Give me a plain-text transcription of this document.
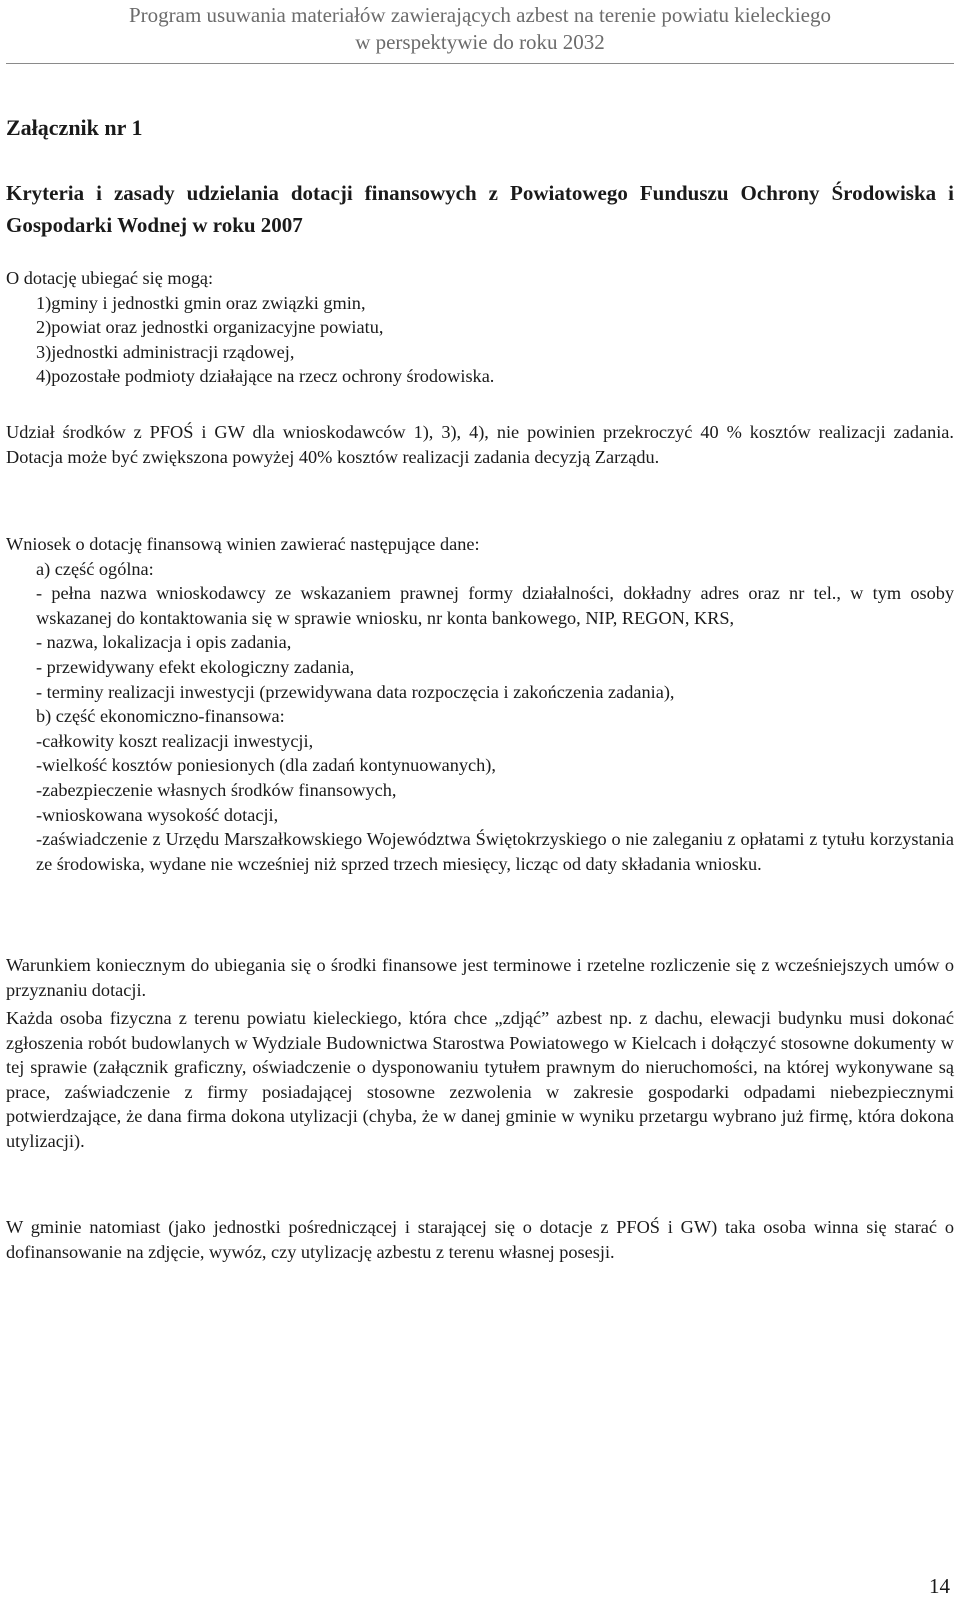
Program usuwania materiałów zawierających azbest na terenie powiatu kieleckiego
w perspektywie do roku 2032
Załącznik nr 1
Kryteria i zasady udzielania dotacji finansowych z Powiatowego Funduszu Ochrony Środowiska i Gospodarki Wodnej w roku 2007
O dotację ubiegać się mogą:
1)gminy i jednostki gmin oraz związki gmin,
2)powiat oraz jednostki organizacyjne powiatu,
3)jednostki administracji rządowej,
4)pozostałe podmioty działające na rzecz ochrony środowiska.

Udział środków z PFOŚ i GW dla wnioskodawców 1), 3), 4), nie powinien przekroczyć 40 % kosztów realizacji zadania. Dotacja może być zwiększona powyżej 40% kosztów realizacji zadania decyzją Zarządu.

Wniosek o dotację finansową winien zawierać następujące dane:
a) część ogólna:
- pełna nazwa wnioskodawcy ze wskazaniem prawnej formy działalności, dokładny adres oraz nr tel., w tym osoby wskazanej do kontaktowania się w sprawie wniosku, nr konta bankowego, NIP, REGON, KRS,
- nazwa, lokalizacja i opis zadania,
- przewidywany efekt ekologiczny zadania,
- terminy realizacji inwestycji (przewidywana data rozpoczęcia i zakończenia zadania),
b) część ekonomiczno-finansowa:
-całkowity koszt realizacji inwestycji,
-wielkość kosztów poniesionych (dla zadań kontynuowanych),
-zabezpieczenie własnych środków finansowych,
-wnioskowana wysokość dotacji,
-zaświadczenie z Urzędu Marszałkowskiego Województwa Świętokrzyskiego o nie zaleganiu z opłatami z tytułu korzystania ze środowiska, wydane nie wcześniej niż sprzed trzech miesięcy, licząc od daty składania wniosku.

Warunkiem koniecznym do ubiegania się o środki finansowe jest terminowe i rzetelne rozliczenie się z wcześniejszych umów o przyznaniu dotacji.

Każda osoba fizyczna z terenu powiatu kieleckiego, która chce „zdjąć” azbest np. z dachu, elewacji budynku musi dokonać zgłoszenia robót budowlanych w Wydziale Budownictwa Starostwa Powiatowego w Kielcach i dołączyć stosowne dokumenty w tej sprawie (załącznik graficzny, oświadczenie o dysponowaniu tytułem prawnym do nieruchomości, na której wykonywane są prace, zaświadczenie z firmy posiadającej stosowne zezwolenia w zakresie gospodarki odpadami niebezpiecznymi potwierdzające, że dana firma dokona utylizacji (chyba, że w danej gminie w wyniku przetargu wybrano już firmę, która dokona utylizacji).

W gminie natomiast (jako jednostki pośredniczącej i starającej się o dotacje z PFOŚ i GW) taka osoba winna się starać o dofinansowanie na zdjęcie, wywóz, czy utylizację azbestu z terenu własnej posesji.

14
